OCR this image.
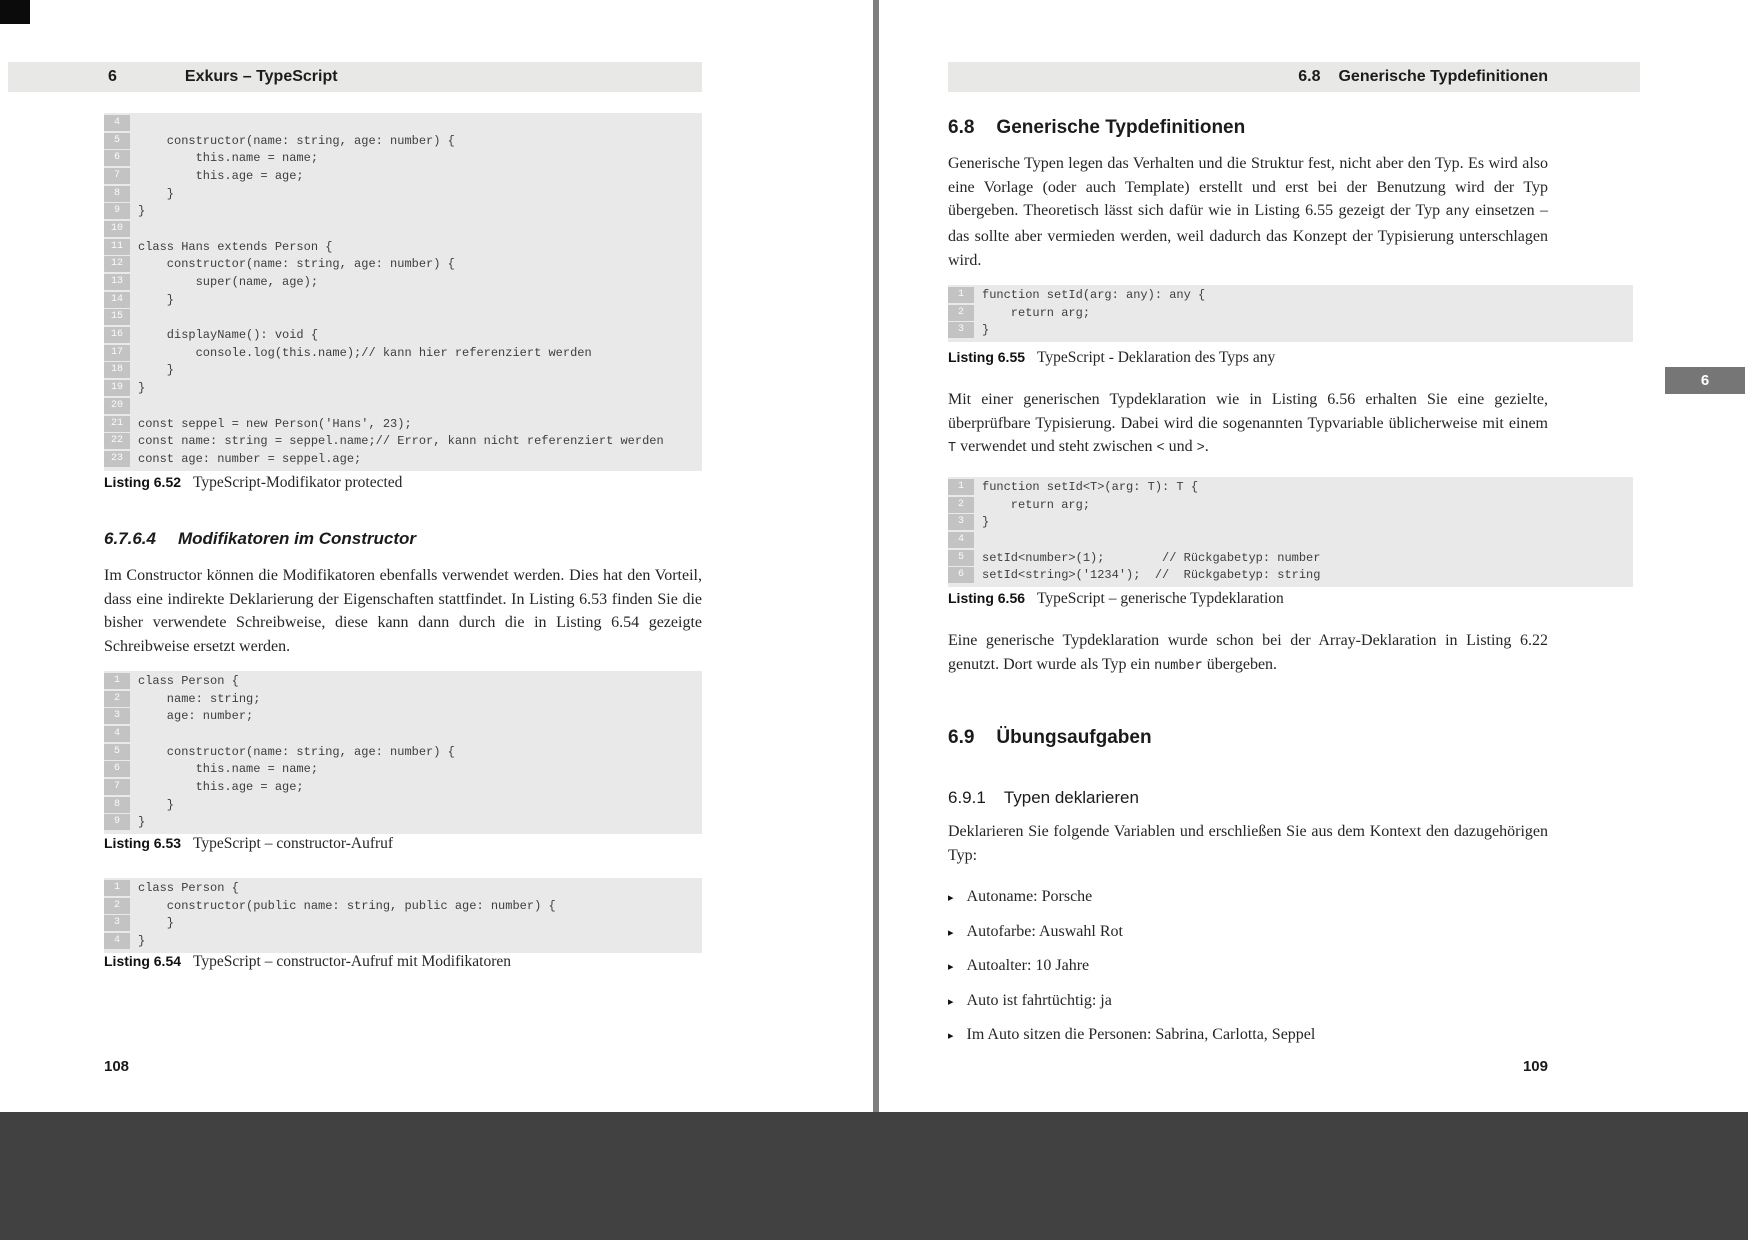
6	Exkurs – TypeScript
4
5	constructor(name: string, age: number) {
6	this.name = name;
7	this.age = age;
8	}
9	}
10
11	class Hans extends Person {
12	constructor(name: string, age: number) {
13	super(name, age);
14	}
15
16	displayName(): void {
17	console.log(this.name);// kann hier referenziert werden
18	}
19	}
20
21	const seppel = new Person('Hans', 23);
22	const name: string = seppel.name;// Error, kann nicht referenziert werden
23	const age: number = seppel.age;
Listing 6.52 TypeScript-Modifikator protected
6.7.6.4 Modifikatoren im Constructor
Im Constructor können die Modifikatoren ebenfalls verwendet werden. Dies hat den Vorteil, dass eine indirekte Deklarierung der Eigenschaften stattfindet. In Listing 6.53 finden Sie die bisher verwendete Schreibweise, diese kann dann durch die in Listing 6.54 gezeigte Schreibweise ersetzt werden.
1	class Person {
2	name: string;
3	age: number;
4
5	constructor(name: string, age: number) {
6	this.name = name;
7	this.age = age;
8	}
9	}
Listing 6.53 TypeScript – constructor-Aufruf
1	class Person {
2	constructor(public name: string, public age: number) {
3	}
4	}
Listing 6.54 TypeScript – constructor-Aufruf mit Modifikatoren
108
6.8 Generische Typdefinitionen
6.8 Generische Typdefinitionen
Generische Typen legen das Verhalten und die Struktur fest, nicht aber den Typ. Es wird also eine Vorlage (oder auch Template) erstellt und erst bei der Benutzung wird der Typ übergeben. Theoretisch lässt sich dafür wie in Listing 6.55 gezeigt der Typ any einsetzen – das sollte aber vermieden werden, weil dadurch das Konzept der Typisierung unterschlagen wird.
1	function setId(arg: any): any {
2	return arg;
3	}
Listing 6.55 TypeScript - Deklaration des Typs any
Mit einer generischen Typdeklaration wie in Listing 6.56 erhalten Sie eine gezielte, überprüfbare Typisierung. Dabei wird die sogenannten Typvariable üblicherweise mit einem T verwendet und steht zwischen < und >.
1	function setId<T>(arg: T): T {
2	return arg;
3	}
4
5	setId<number>(1);        // Rückgabetyp: number
6	setId<string>('1234');  //  Rückgabetyp: string
Listing 6.56 TypeScript – generische Typdeklaration
Eine generische Typdeklaration wurde schon bei der Array-Deklaration in Listing 6.22 genutzt. Dort wurde als Typ ein number übergeben.
6.9 Übungsaufgaben
6.9.1 Typen deklarieren
Deklarieren Sie folgende Variablen und erschließen Sie aus dem Kontext den dazugehörigen Typ:
▸ Autoname: Porsche
▸ Autofarbe: Auswahl Rot
▸ Autoalter: 10 Jahre
▸ Auto ist fahrtüchtig: ja
▸ Im Auto sitzen die Personen: Sabrina, Carlotta, Seppel
109
6
